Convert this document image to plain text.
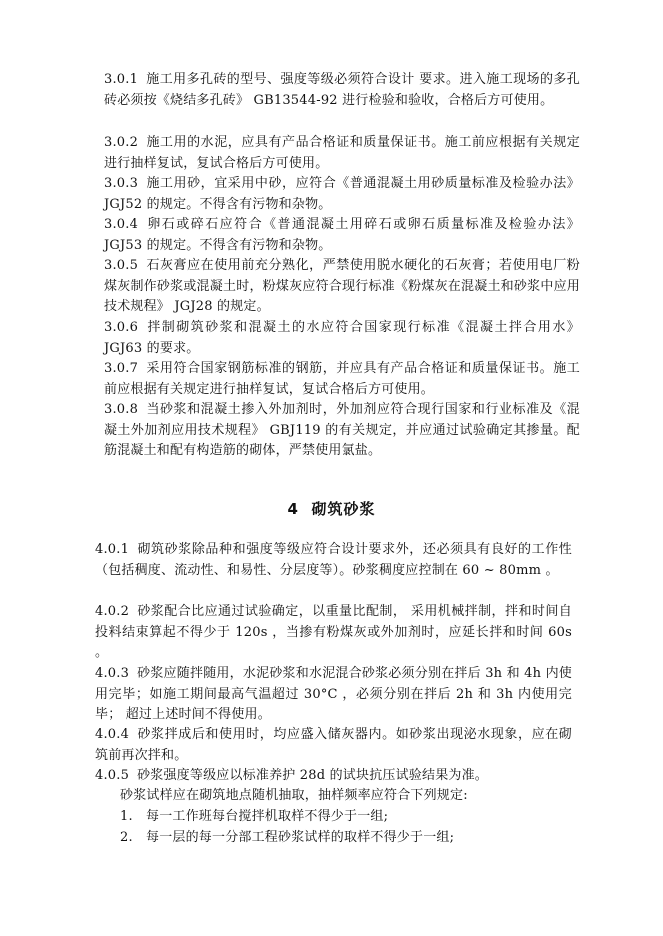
3.0.1 施工用多孔砖的型号、强度等级必须符合设计 要求。进入施工现场的多孔砖必须按《烧结多孔砖》 GB13544-92 进行检验和验收，合格后方可使用。
3.0.2 施工用的水泥，应具有产品合格证和质量保证书。施工前应根据有关规定进行抽样复试，复试合格后方可使用。
3.0.3 施工用砂，宜采用中砂，应符合《普通混凝土用砂质量标准及检验办法》 JGJ52 的规定。不得含有污物和杂物。
3.0.4 卵石或碎石应符合《普通混凝土用碎石或卵石质量标准及检验办法》 JGJ53 的规定。不得含有污物和杂物。
3.0.5 石灰膏应在使用前充分熟化，严禁使用脱水硬化的石灰膏；若使用电厂粉煤灰制作砂浆或混凝土时，粉煤灰应符合现行标准《粉煤灰在混凝土和砂浆中应用技术规程》 JGJ28 的规定。
3.0.6 拌制砌筑砂浆和混凝土的水应符合国家现行标准《混凝土拌合用水》 JGJ63 的要求。
3.0.7 采用符合国家钢筋标准的钢筋，并应具有产品合格证和质量保证书。施工前应根据有关规定进行抽样复试，复试合格后方可使用。
3.0.8 当砂浆和混凝土掺入外加剂时，外加剂应符合现行国家和行业标准及《混凝土外加剂应用技术规程》 GBJ119 的有关规定，并应通过试验确定其掺量。配筋混凝土和配有构造筋的砌体，严禁使用氯盐。
4 砌筑砂浆
4.0.1 砌筑砂浆除品种和强度等级应符合设计要求外，还必须具有良好的工作性（包括稠度、流动性、和易性、分层度等）。砂浆稠度应控制在 60 ~ 80mm 。
4.0.2 砂浆配合比应通过试验确定，以重量比配制， 采用机械拌制，拌和时间自投料结束算起不得少于 120s ，当掺有粉煤灰或外加剂时，应延长拌和时间 60s 。
4.0.3 砂浆应随拌随用，水泥砂浆和水泥混合砂浆必须分别在拌后 3h 和 4h 内使用完毕；如施工期间最高气温超过 30°C ，必须分别在拌后 2h 和 3h 内使用完毕； 超过上述时间不得使用。
4.0.4 砂浆拌成后和使用时，均应盛入储灰器内。如砂浆出现泌水现象，应在砌筑前再次拌和。
4.0.5 砂浆强度等级应以标准养护 28d 的试块抗压试验结果为准。
砂浆试样应在砌筑地点随机抽取，抽样频率应符合下列规定:
1. 每一工作班每台搅拌机取样不得少于一组;
2. 每一层的每一分部工程砂浆试样的取样不得少于一组;
